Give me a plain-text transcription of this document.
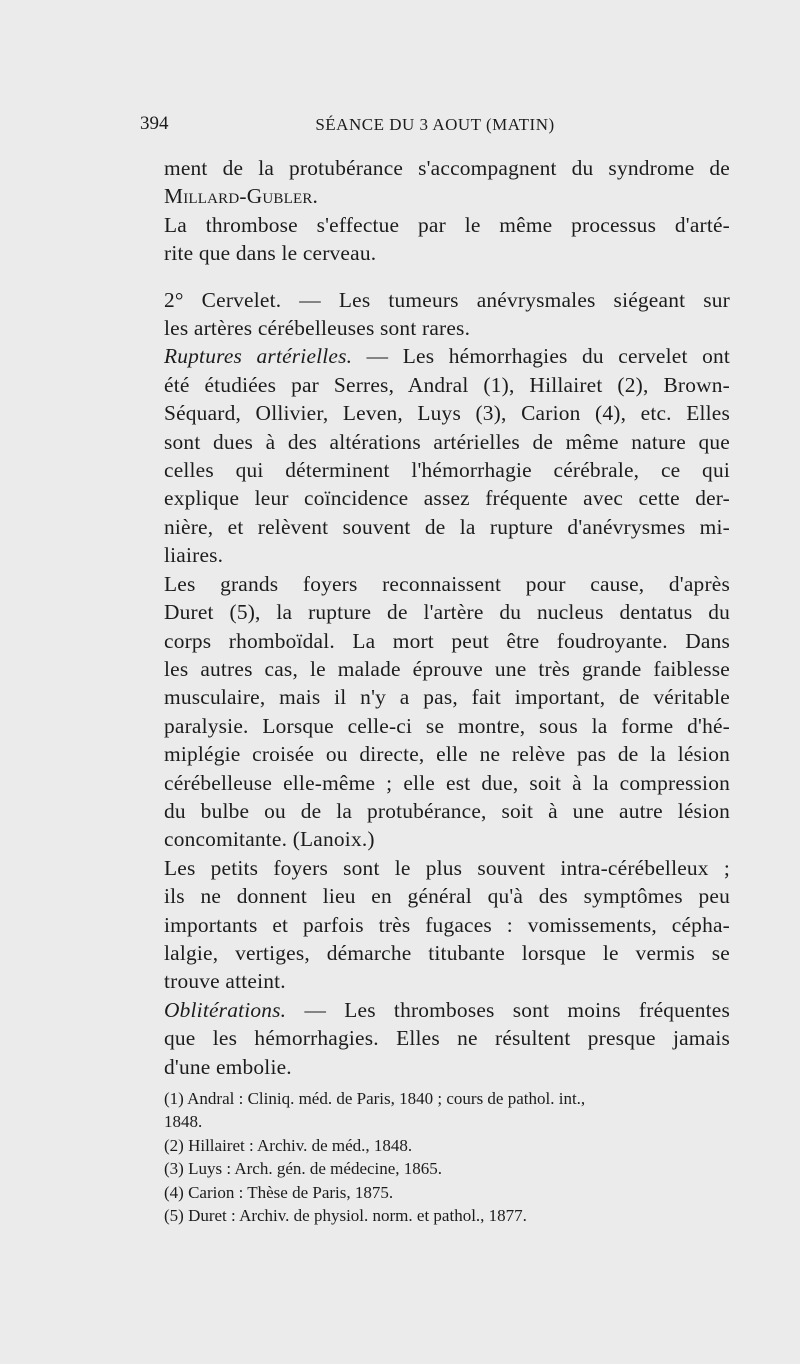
394	SÉANCE DU 3 AOUT (MATIN)
ment de la protubérance s'accompagnent du syndrome de
Millard-Gubler.
La thrombose s'effectue par le même processus d'arté-
rite que dans le cerveau.
2° Cervelet. — Les tumeurs anévrysmales siégeant sur
les artères cérébelleuses sont rares.
Ruptures artérielles. — Les hémorrhagies du cervelet ont
été étudiées par Serres, Andral (1), Hillairet (2), Brown-
Séquard, Ollivier, Leven, Luys (3), Carion (4), etc. Elles
sont dues à des altérations artérielles de même nature que
celles qui déterminent l'hémorrhagie cérébrale, ce qui
explique leur coïncidence assez fréquente avec cette der-
nière, et relèvent souvent de la rupture d'anévrysmes mi-
liaires.
Les grands foyers reconnaissent pour cause, d'après
Duret (5), la rupture de l'artère du nucleus dentatus du
corps rhomboïdal. La mort peut être foudroyante. Dans
les autres cas, le malade éprouve une très grande faiblesse
musculaire, mais il n'y a pas, fait important, de véritable
paralysie. Lorsque celle-ci se montre, sous la forme d'hé-
miplégie croisée ou directe, elle ne relève pas de la lésion
cérébelleuse elle-même ; elle est due, soit à la compression
du bulbe ou de la protubérance, soit à une autre lésion
concomitante. (Lanoix.)
Les petits foyers sont le plus souvent intra-cérébelleux ;
ils ne donnent lieu en général qu'à des symptômes peu
importants et parfois très fugaces : vomissements, cépha-
lalgie, vertiges, démarche titubante lorsque le vermis se
trouve atteint.
Oblitérations. — Les thromboses sont moins fréquentes
que les hémorrhagies. Elles ne résultent presque jamais
d'une embolie.
(1) Andral : Cliniq. méd. de Paris, 1840 ; cours de pathol. int.,
1848.
(2) Hillairet : Archiv. de méd., 1848.
(3) Luys : Arch. gén. de médecine, 1865.
(4) Carion : Thèse de Paris, 1875.
(5) Duret : Archiv. de physiol. norm. et pathol., 1877.
